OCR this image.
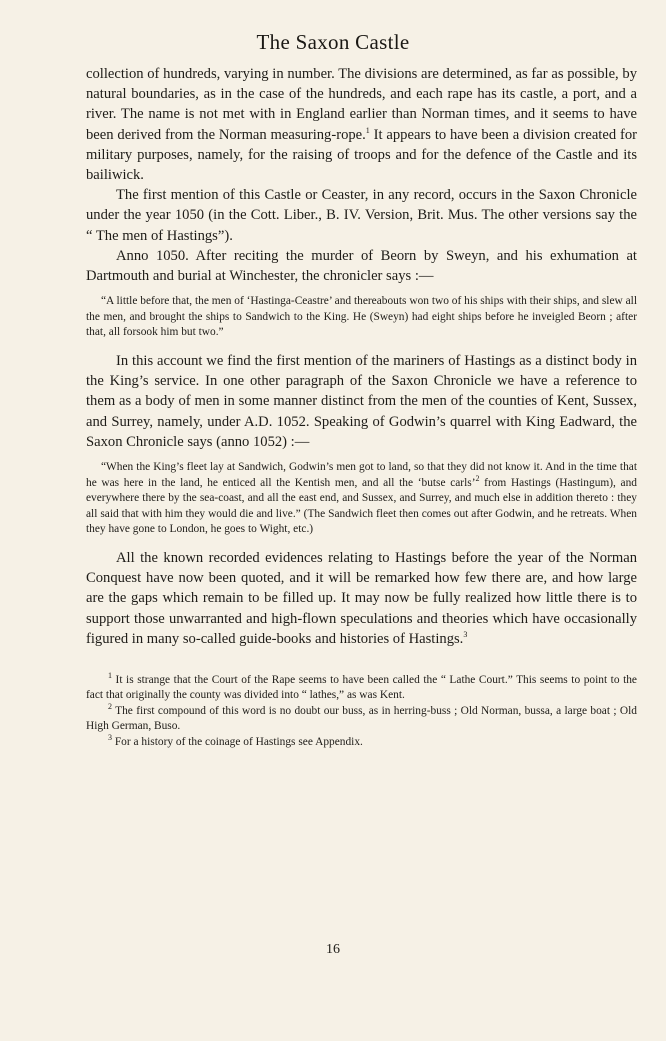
The Saxon Castle

collection of hundreds, varying in number. The divisions are determined, as far as possible, by natural boundaries, as in the case of the hundreds, and each rape has its castle, a port, and a river. The name is not met with in England earlier than Norman times, and it seems to have been derived from the Norman measuring-rope.$^1$ It appears to have been a division created for military purposes, namely, for the raising of troops and for the defence of the Castle and its bailiwick.

The first mention of this Castle or Ceaster, in any record, occurs in the Saxon Chronicle under the year 1050 (in the Cott. Liber., B. IV. Version, Brit. Mus. The other versions say the “ The men of Hastings”).

Anno 1050. After reciting the murder of Beorn by Sweyn, and his exhumation at Dartmouth and burial at Winchester, the chronicler says :—

“A little before that, the men of ‘Hastinga-Ceastre’ and thereabouts won two of his ships with their ships, and slew all the men, and brought the ships to Sandwich to the King. He (Sweyn) had eight ships before he inveigled Beorn ; after that, all forsook him but two.”

In this account we find the first mention of the mariners of Hastings as a distinct body in the King’s service. In one other paragraph of the Saxon Chronicle we have a reference to them as a body of men in some manner distinct from the men of the counties of Kent, Sussex, and Surrey, namely, under A.D. 1052. Speaking of Godwin’s quarrel with King Eadward, the Saxon Chronicle says (anno 1052) :—

“When the King’s fleet lay at Sandwich, Godwin’s men got to land, so that they did not know it. And in the time that he was here in the land, he enticed all the Kentish men, and all the ‘butse carls’$^2$ from Hastings (Hastingum), and everywhere there by the sea-coast, and all the east end, and Sussex, and Surrey, and much else in addition thereto : they all said that with him they would die and live.” (The Sandwich fleet then comes out after Godwin, and he retreats. When they have gone to London, he goes to Wight, etc.)

All the known recorded evidences relating to Hastings before the year of the Norman Conquest have now been quoted, and it will be remarked how few there are, and how large are the gaps which remain to be filled up. It may now be fully realized how little there is to support those unwarranted and high-flown speculations and theories which have occasionally figured in many so-called guide-books and histories of Hastings.$^3$

$^1$ It is strange that the Court of the Rape seems to have been called the “ Lathe Court.” This seems to point to the fact that originally the county was divided into “ lathes,” as was Kent.

$^2$ The first compound of this word is no doubt our buss, as in herring-buss ; Old Norman, bussa, a large boat ; Old High German, Buso.

$^3$ For a history of the coinage of Hastings see Appendix.

16
